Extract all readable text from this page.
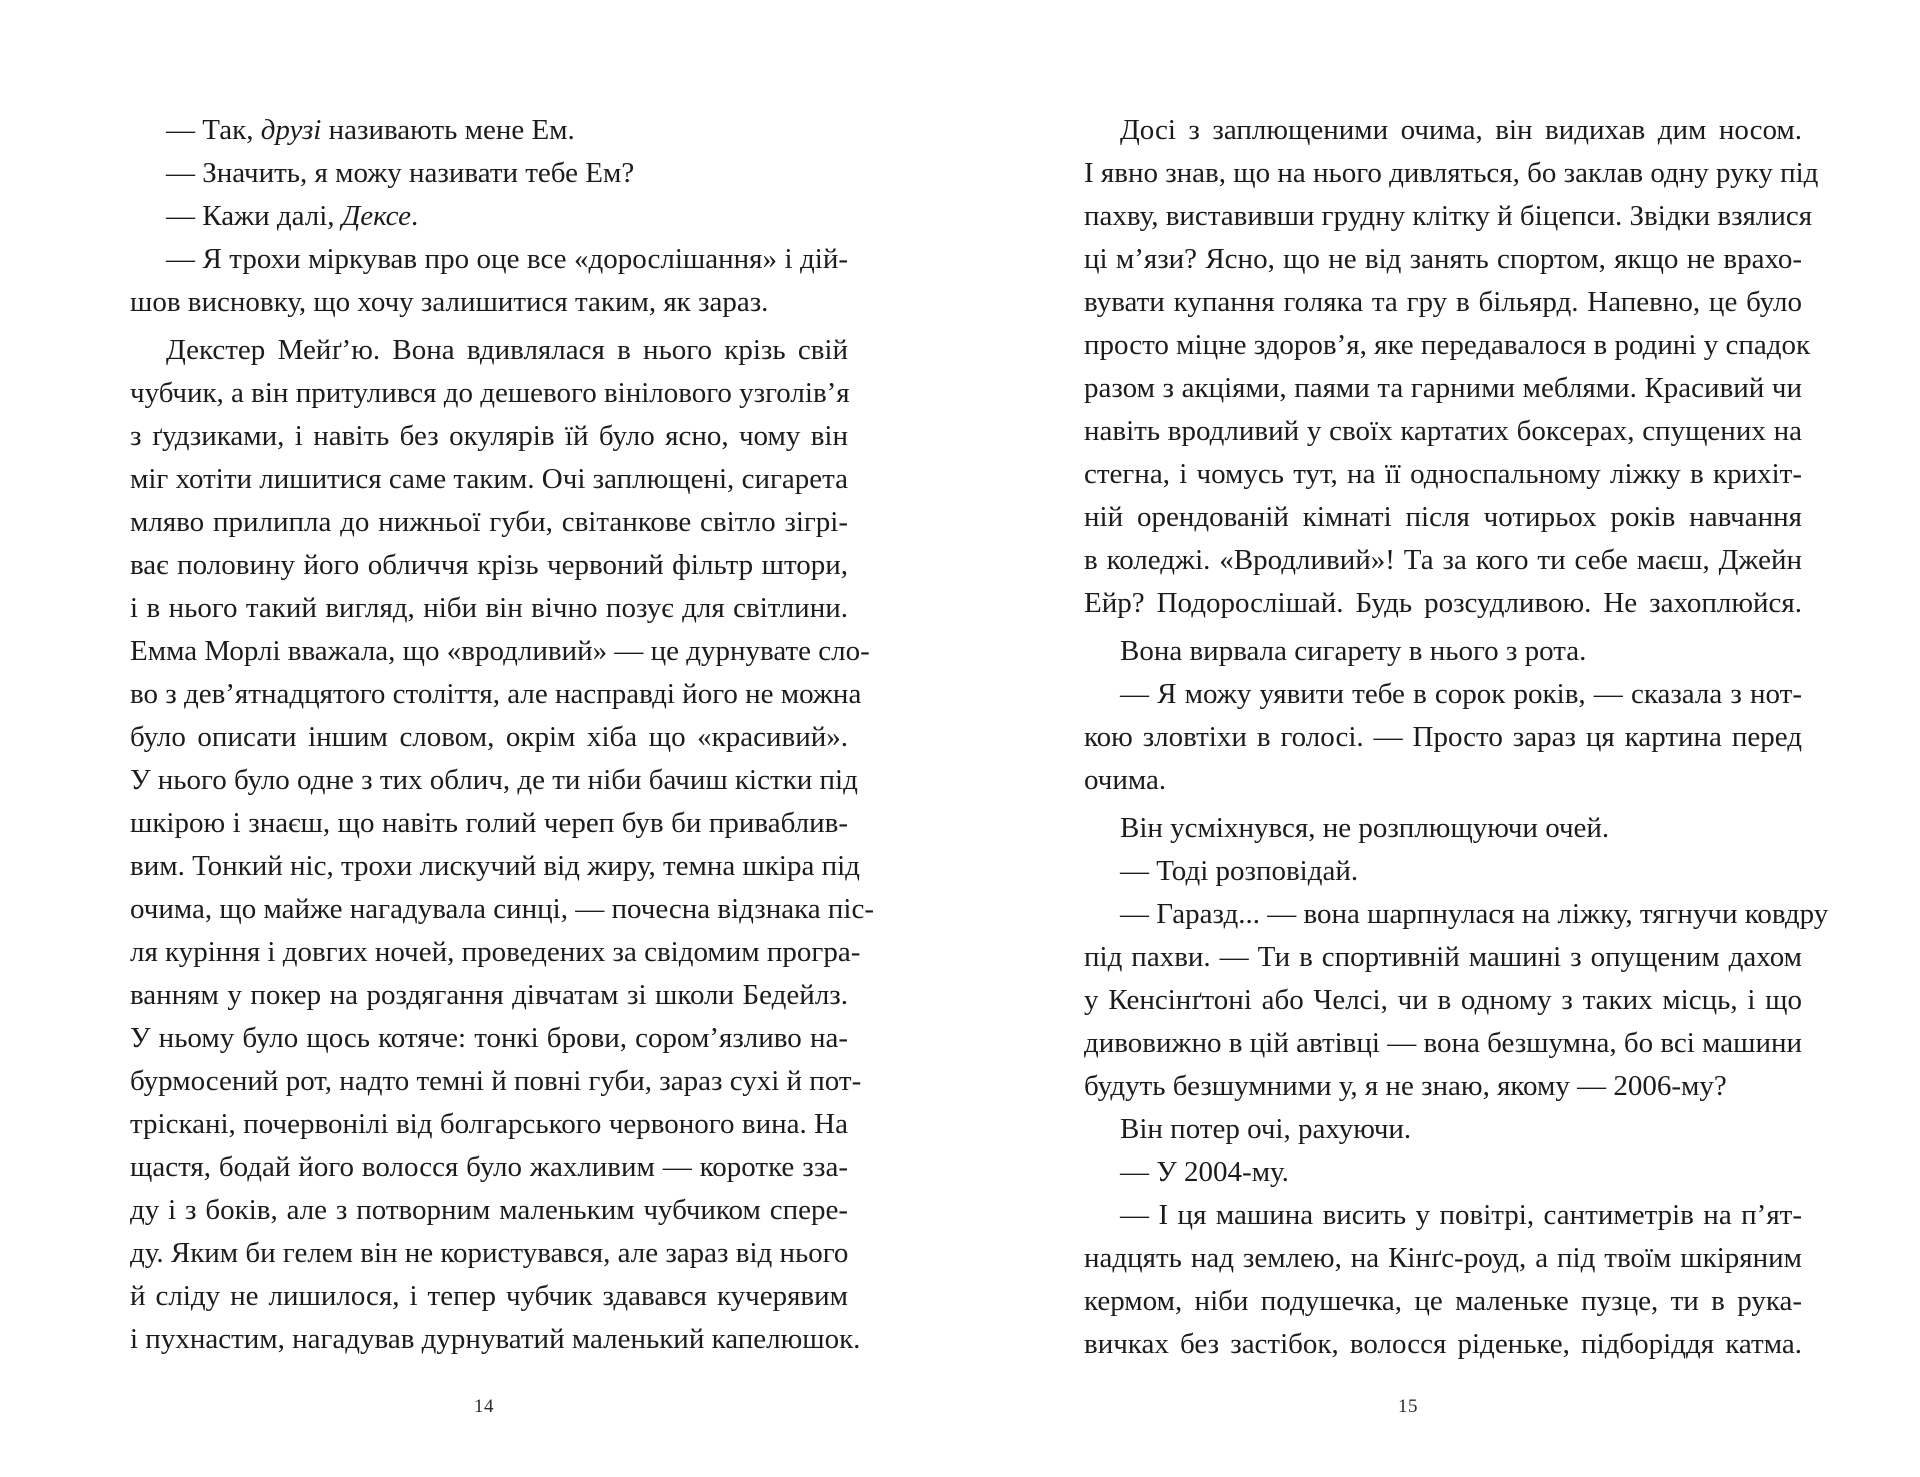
— Так, друзі називають мене Ем.
— Значить, я можу називати тебе Ем?
— Кажи далі, Дексе.
— Я трохи міркував про оце все «дорослішання» і дій-
шов висновку, що хочу залишитися таким, як зараз.
Декстер Мейґ’ю. Вона вдивлялася в нього крізь свій
чубчик, а він притулився до дешевого вінілового узголів’я
з ґудзиками, і навіть без окулярів їй було ясно, чому він
міг хотіти лишитися саме таким. Очі заплющені, сигарета
мляво прилипла до нижньої губи, світанкове світло зігрі-
ває половину його обличчя крізь червоний фільтр штори,
і в нього такий вигляд, ніби він вічно позує для світлини.
Емма Морлі вважала, що «вродливий» — це дурнувате сло-
во з дев’ятнадцятого століття, але насправді його не можна
було описати іншим словом, окрім хіба що «красивий».
У нього було одне з тих облич, де ти ніби бачиш кістки під
шкірою і знаєш, що навіть голий череп був би приваблив-
вим. Тонкий ніс, трохи лискучий від жиру, темна шкіра під
очима, що майже нагадувала синці, — почесна відзнака піс-
ля куріння і довгих ночей, проведених за свідомим програ-
ванням у покер на роздягання дівчатам зі школи Бедейлз.
У ньому було щось котяче: тонкі брови, сором’язливо на-
бурмосений рот, надто темні й повні губи, зараз сухі й пот-
тріскані, почервонілі від болгарського червоного вина. На
щастя, бодай його волосся було жахливим — коротке зза-
ду і з боків, але з потворним маленьким чубчиком спере-
ду. Яким би гелем він не користувався, але зараз від нього
й сліду не лишилося, і тепер чубчик здавався кучерявим
і пухнастим, нагадував дурнуватий маленький капелюшок.
14
Досі з заплющеними очима, він видихав дим носом.
І явно знав, що на нього дивляться, бо заклав одну руку під
пахву, виставивши грудну клітку й біцепси. Звідки взялися
ці м’язи? Ясно, що не від занять спортом, якщо не врахо-
вувати купання голяка та гру в більярд. Напевно, це було
просто міцне здоров’я, яке передавалося в родині у спадок
разом з акціями, паями та гарними меблями. Красивий чи
навіть вродливий у своїх картатих боксерах, спущених на
стегна, і чомусь тут, на її односпальному ліжку в крихіт-
ній орендованій кімнаті після чотирьох років навчання
в коледжі. «Вродливий»! Та за кого ти себе маєш, Джейн
Ейр? Подорослішай. Будь розсудливою. Не захоплюйся.
Вона вирвала сигарету в нього з рота.
— Я можу уявити тебе в сорок років, — сказала з нот-
кою зловтіхи в голосі. — Просто зараз ця картина перед
очима.
Він усміхнувся, не розплющуючи очей.
— Тоді розповідай.
— Гаразд... — вона шарпнулася на ліжку, тягнучи ковдру
під пахви. — Ти в спортивній машині з опущеним дахом
у Кенсінґтоні або Челсі, чи в одному з таких місць, і що
дивовижно в цій автівці — вона безшумна, бо всі машини
будуть безшумними у, я не знаю, якому — 2006-му?
Він потер очі, рахуючи.
— У 2004-му.
— І ця машина висить у повітрі, сантиметрів на п’ят-
надцять над землею, на Кінґс-роуд, а під твоїм шкіряним
кермом, ніби подушечка, це маленьке пузце, ти в рука-
вичках без застібок, волосся ріденьке, підборіддя катма.
15
